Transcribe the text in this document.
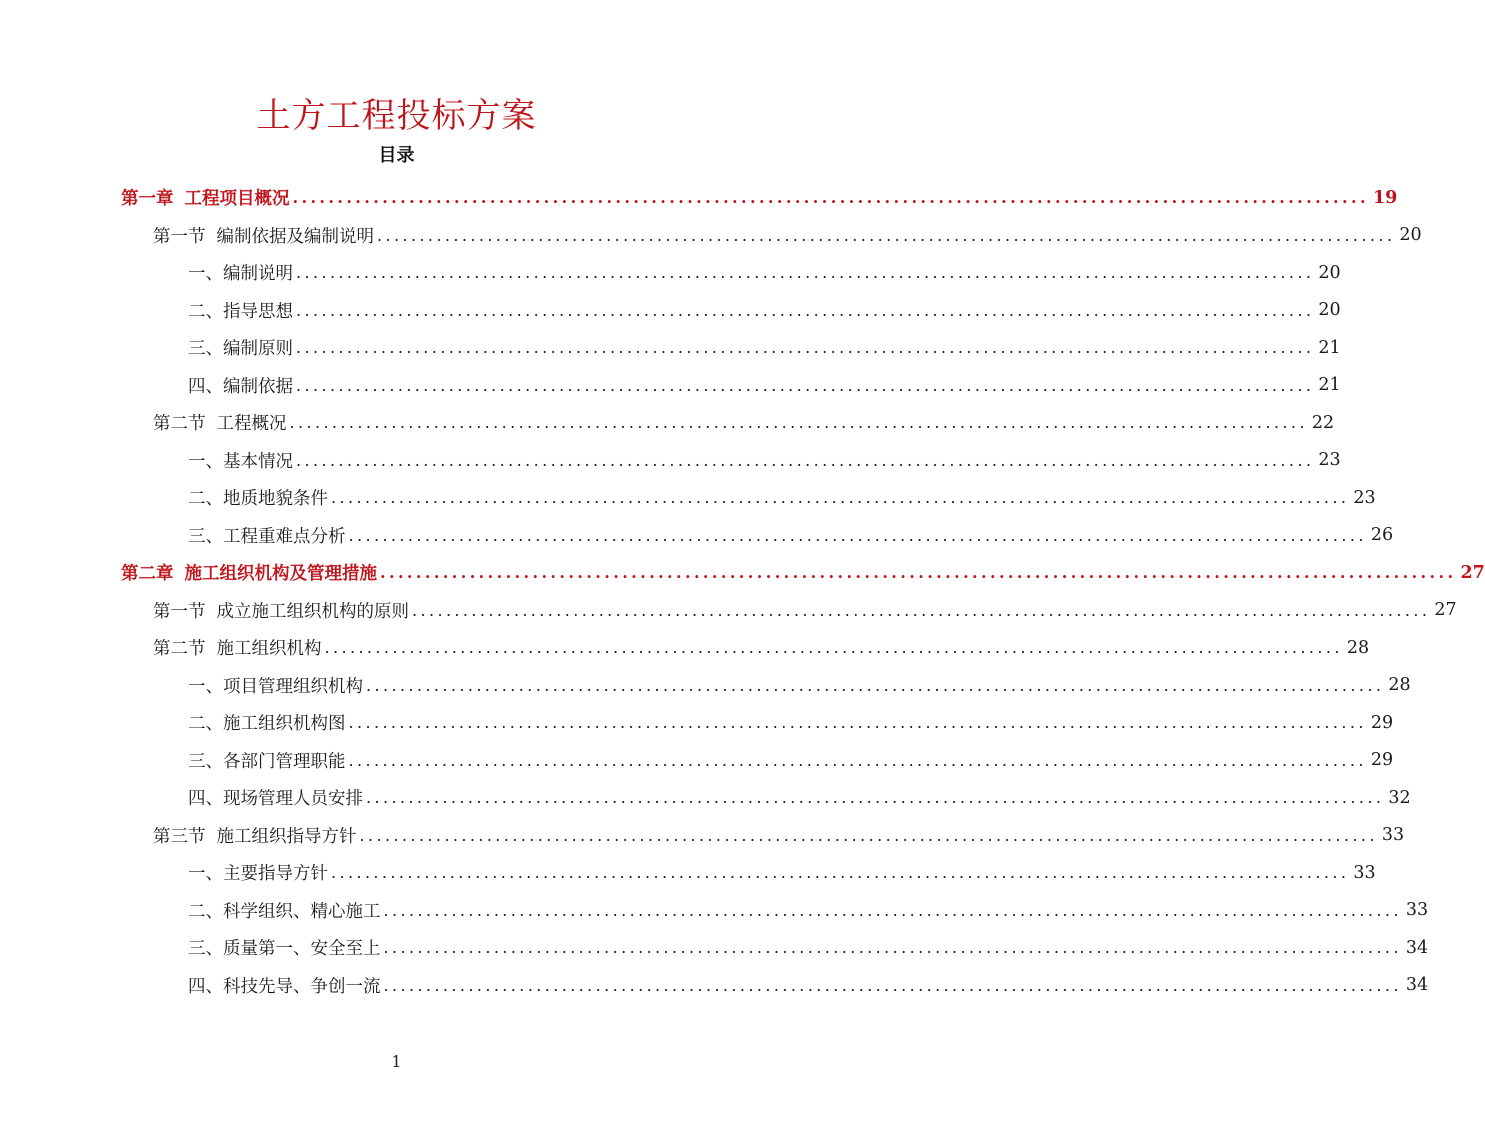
土方工程投标方案
目录
第一章 工程项目概况 ........................................................................................................................ 19
第一节 编制依据及编制说明 ........................................................................................................................ 20
一、编制说明 ........................................................................................................................ 20
二、指导思想 ........................................................................................................................ 20
三、编制原则 ........................................................................................................................ 21
四、编制依据 ........................................................................................................................ 21
第二节 工程概况 ........................................................................................................................ 22
一、基本情况 ........................................................................................................................ 23
二、地质地貌条件 ........................................................................................................................ 23
三、工程重难点分析 ........................................................................................................................ 26
第二章 施工组织机构及管理措施 ........................................................................................................................ 27
第一节 成立施工组织机构的原则 ........................................................................................................................ 27
第二节 施工组织机构 ........................................................................................................................ 28
一、项目管理组织机构 ........................................................................................................................ 28
二、施工组织机构图 ........................................................................................................................ 29
三、各部门管理职能 ........................................................................................................................ 29
四、现场管理人员安排 ........................................................................................................................ 32
第三节 施工组织指导方针 ........................................................................................................................ 33
一、主要指导方针 ........................................................................................................................ 33
二、科学组织、精心施工 ........................................................................................................................ 33
三、质量第一、安全至上 ........................................................................................................................ 34
四、科技先导、争创一流 ........................................................................................................................ 34
1
